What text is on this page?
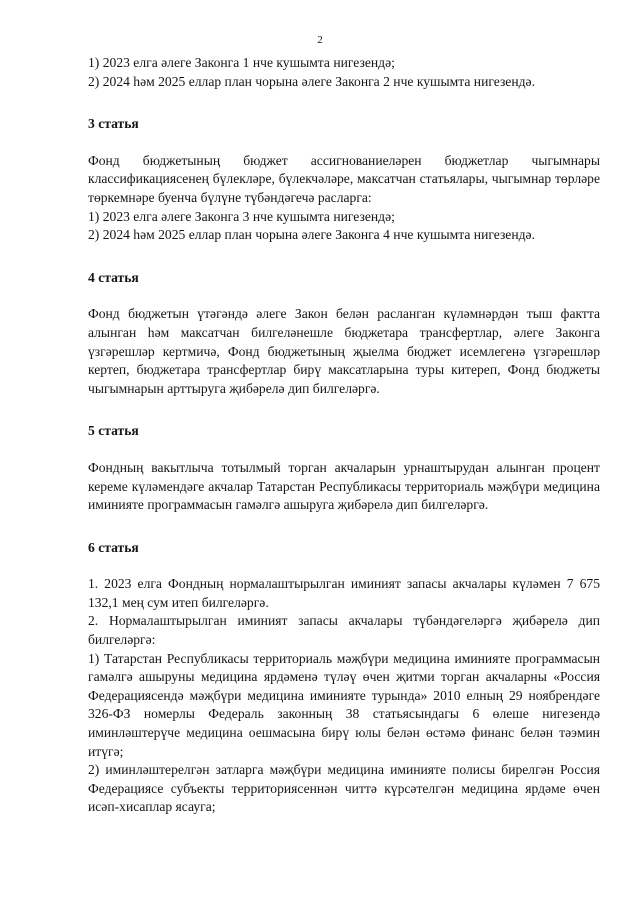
2

1) 2023 елга әлеге Законга 1 нче кушымта нигезендә;

2) 2024 һәм 2025 еллар план чорына әлеге Законга 2 нче кушымта нигезендә.

3 статья

Фонд бюджетының бюджет ассигнованиеләрен бюджетлар чыгымнары классификациясенең бүлекләре, бүлекчәләре, максатчан статьялары, чыгымнар төрләре төркемнәре буенча бүлүне түбәндәгечә расларга:

1) 2023 елга әлеге Законга 3 нче кушымта нигезендә;

2) 2024 һәм 2025 еллар план чорына әлеге Законга 4 нче кушымта нигезендә.

4 статья

Фонд бюджетын үтәгәндә әлеге Закон белән расланган күләмнәрдән тыш фактта алынган һәм максатчан билгеләнешле бюджетара трансфертлар, әлеге Законга үзгәрешләр кертмичә, Фонд бюджетының җыелма бюджет исемлегенә үзгәрешләр кертеп, бюджетара трансфертлар бирү максатларына туры китереп, Фонд бюджеты чыгымнарын арттыруга җибәрелә дип билгеләргә.

5 статья

Фондның вакытлыча тотылмый торган акчаларын урнаштырудан алынган процент кереме күләмендәге акчалар Татарстан Республикасы территориаль мәҗбүри медицина иминияте программасын гамәлгә ашыруга җибәрелә дип билгеләргә.

6 статья

1. 2023 елга Фондның нормалаштырылган иминият запасы акчалары күләмен 7 675 132,1 мең сум итеп билгеләргә.

2. Нормалаштырылган иминият запасы акчалары түбәндәгеләргә җибәрелә дип билгеләргә:

1) Татарстан Республикасы территориаль мәҗбүри медицина иминияте программасын гамәлгә ашыруны медицина ярдәменә түләү өчен җитми торган акчаларны «Россия Федерациясендә мәҗбүри медицина иминияте турында» 2010 елның 29 ноябрендәге 326-ФЗ номерлы Федераль законның 38 статьясындагы 6 өлеше нигезендә иминләштерүче медицина оешмасына бирү юлы белән өстәмә финанс белән тәэмин итүгә;

2) иминләштерелгән затларга мәҗбүри медицина иминияте полисы бирелгән Россия Федерациясе субъекты территориясеннән читтә күрсәтелгән медицина ярдәме өчен исәп-хисаплар ясауга;
